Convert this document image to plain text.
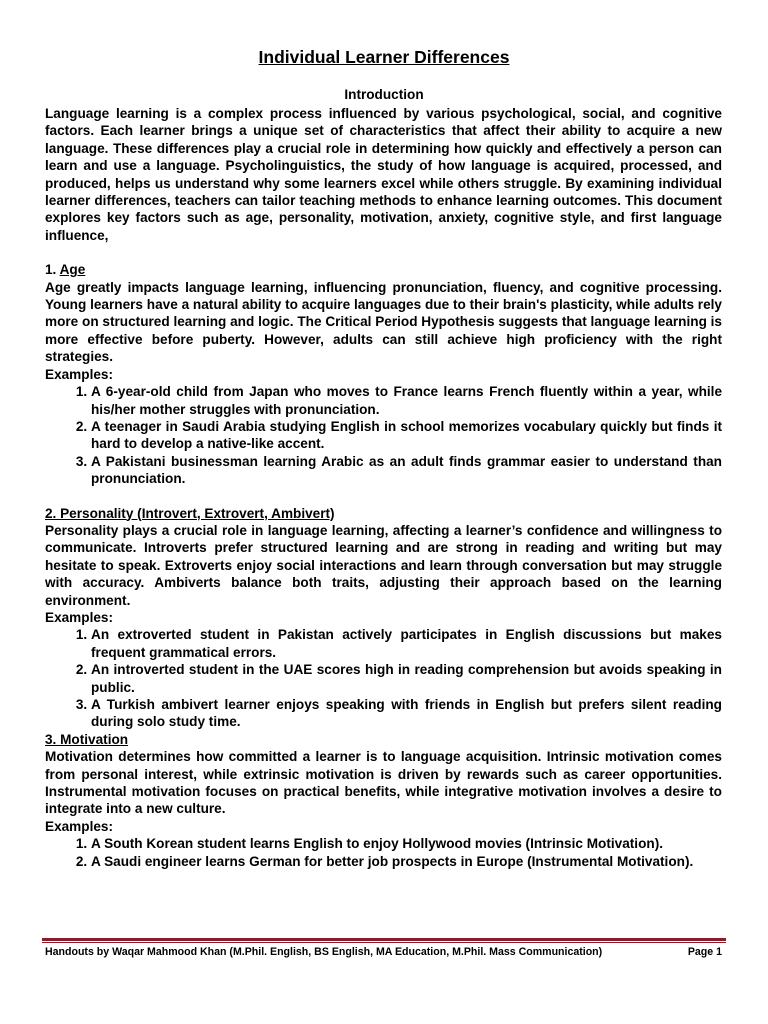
Individual Learner Differences
Introduction

Language learning is a complex process influenced by various psychological, social, and cognitive factors. Each learner brings a unique set of characteristics that affect their ability to acquire a new language. These differences play a crucial role in determining how quickly and effectively a person can learn and use a language. Psycholinguistics, the study of how language is acquired, processed, and produced, helps us understand why some learners excel while others struggle. By examining individual learner differences, teachers can tailor teaching methods to enhance learning outcomes. This document explores key factors such as age, personality, motivation, anxiety, cognitive style, and first language influence,

1. Age

Age greatly impacts language learning, influencing pronunciation, fluency, and cognitive processing. Young learners have a natural ability to acquire languages due to their brain's plasticity, while adults rely more on structured learning and logic. The Critical Period Hypothesis suggests that language learning is more effective before puberty. However, adults can still achieve high proficiency with the right strategies.

Examples:
1. A 6-year-old child from Japan who moves to France learns French fluently within a year, while his/her mother struggles with pronunciation.
2. A teenager in Saudi Arabia studying English in school memorizes vocabulary quickly but finds it hard to develop a native-like accent.
3. A Pakistani businessman learning Arabic as an adult finds grammar easier to understand than pronunciation.
2. Personality (Introvert, Extrovert, Ambivert)

Personality plays a crucial role in language learning, affecting a learner’s confidence and willingness to communicate. Introverts prefer structured learning and are strong in reading and writing but may hesitate to speak. Extroverts enjoy social interactions and learn through conversation but may struggle with accuracy. Ambiverts balance both traits, adjusting their approach based on the learning environment.

Examples:
1. An extroverted student in Pakistan actively participates in English discussions but makes frequent grammatical errors.
2. An introverted student in the UAE scores high in reading comprehension but avoids speaking in public.
3. A Turkish ambivert learner enjoys speaking with friends in English but prefers silent reading during solo study time.
3. Motivation

Motivation determines how committed a learner is to language acquisition. Intrinsic motivation comes from personal interest, while extrinsic motivation is driven by rewards such as career opportunities. Instrumental motivation focuses on practical benefits, while integrative motivation involves a desire to integrate into a new culture.

Examples:
1. A South Korean student learns English to enjoy Hollywood movies (Intrinsic Motivation).
2. A Saudi engineer learns German for better job prospects in Europe (Instrumental Motivation).
Handouts by Waqar Mahmood Khan (M.Phil. English, BS English, MA Education, M.Phil. Mass Communication)	Page 1
